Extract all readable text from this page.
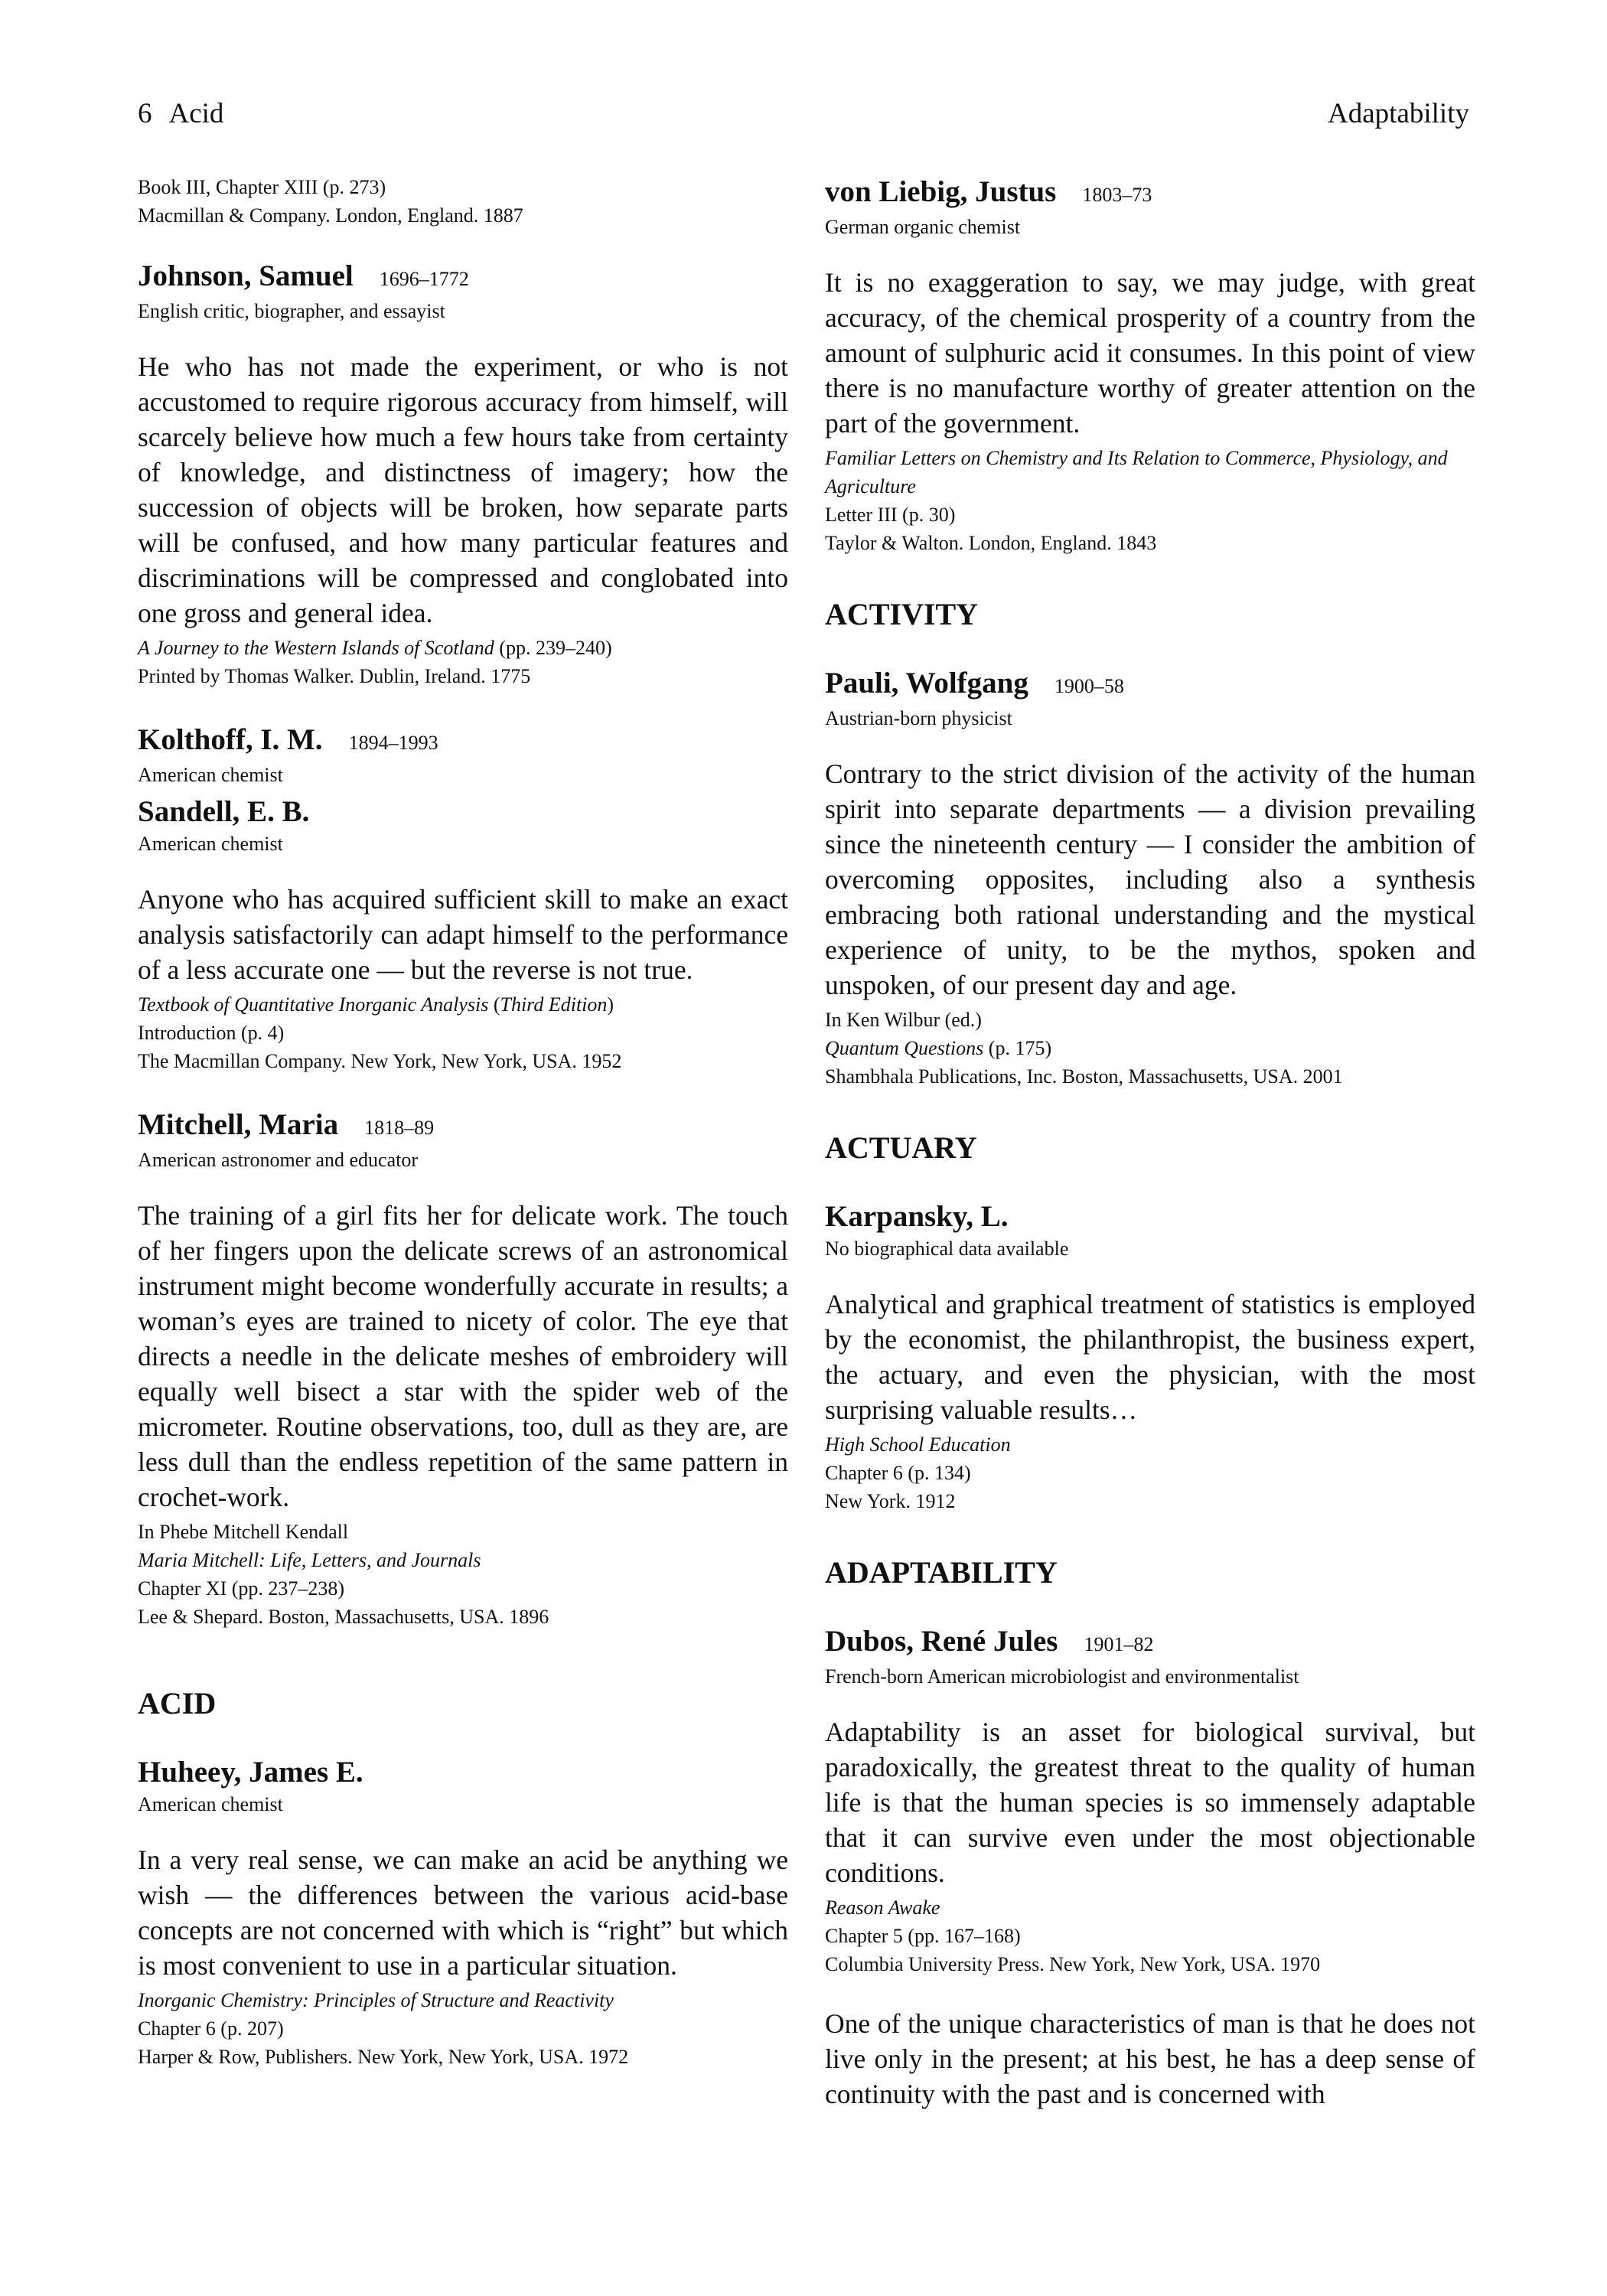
6 Acid	Adaptability
Book III, Chapter XIII (p. 273)
Macmillan & Company. London, England. 1887
Johnson, Samuel 1696–1772
English critic, biographer, and essayist
He who has not made the experiment, or who is not accustomed to require rigorous accuracy from himself, will scarcely believe how much a few hours take from certainty of knowledge, and distinctness of imagery; how the succession of objects will be broken, how separate parts will be confused, and how many particular features and discriminations will be compressed and conglobated into one gross and general idea.
A Journey to the Western Islands of Scotland (pp. 239–240)
Printed by Thomas Walker. Dublin, Ireland. 1775
Kolthoff, I. M. 1894–1993
American chemist
Sandell, E. B.
American chemist
Anyone who has acquired sufficient skill to make an exact analysis satisfactorily can adapt himself to the performance of a less accurate one — but the reverse is not true.
Textbook of Quantitative Inorganic Analysis (Third Edition)
Introduction (p. 4)
The Macmillan Company. New York, New York, USA. 1952
Mitchell, Maria 1818–89
American astronomer and educator
The training of a girl fits her for delicate work. The touch of her fingers upon the delicate screws of an astronomical instrument might become wonderfully accurate in results; a woman’s eyes are trained to nicety of color. The eye that directs a needle in the delicate meshes of embroidery will equally well bisect a star with the spider web of the micrometer. Routine observations, too, dull as they are, are less dull than the endless repetition of the same pattern in crochet-work.
In Phebe Mitchell Kendall
Maria Mitchell: Life, Letters, and Journals
Chapter XI (pp. 237–238)
Lee & Shepard. Boston, Massachusetts, USA. 1896
ACID
Huheey, James E.
American chemist
In a very real sense, we can make an acid be anything we wish — the differences between the various acid-base concepts are not concerned with which is “right” but which is most convenient to use in a particular situation.
Inorganic Chemistry: Principles of Structure and Reactivity
Chapter 6 (p. 207)
Harper & Row, Publishers. New York, New York, USA. 1972
von Liebig, Justus 1803–73
German organic chemist
It is no exaggeration to say, we may judge, with great accuracy, of the chemical prosperity of a country from the amount of sulphuric acid it consumes. In this point of view there is no manufacture worthy of greater attention on the part of the government.
Familiar Letters on Chemistry and Its Relation to Commerce, Physiology, and Agriculture
Letter III (p. 30)
Taylor & Walton. London, England. 1843
ACTIVITY
Pauli, Wolfgang 1900–58
Austrian-born physicist
Contrary to the strict division of the activity of the human spirit into separate departments — a division prevailing since the nineteenth century — I consider the ambition of overcoming opposites, including also a synthesis embracing both rational understanding and the mystical experience of unity, to be the mythos, spoken and unspoken, of our present day and age.
In Ken Wilbur (ed.)
Quantum Questions (p. 175)
Shambhala Publications, Inc. Boston, Massachusetts, USA. 2001
ACTUARY
Karpansky, L.
No biographical data available
Analytical and graphical treatment of statistics is employed by the economist, the philanthropist, the business expert, the actuary, and even the physician, with the most surprising valuable results…
High School Education
Chapter 6 (p. 134)
New York. 1912
ADAPTABILITY
Dubos, René Jules 1901–82
French-born American microbiologist and environmentalist
Adaptability is an asset for biological survival, but paradoxically, the greatest threat to the quality of human life is that the human species is so immensely adaptable that it can survive even under the most objectionable conditions.
Reason Awake
Chapter 5 (pp. 167–168)
Columbia University Press. New York, New York, USA. 1970
One of the unique characteristics of man is that he does not live only in the present; at his best, he has a deep sense of continuity with the past and is concerned with
